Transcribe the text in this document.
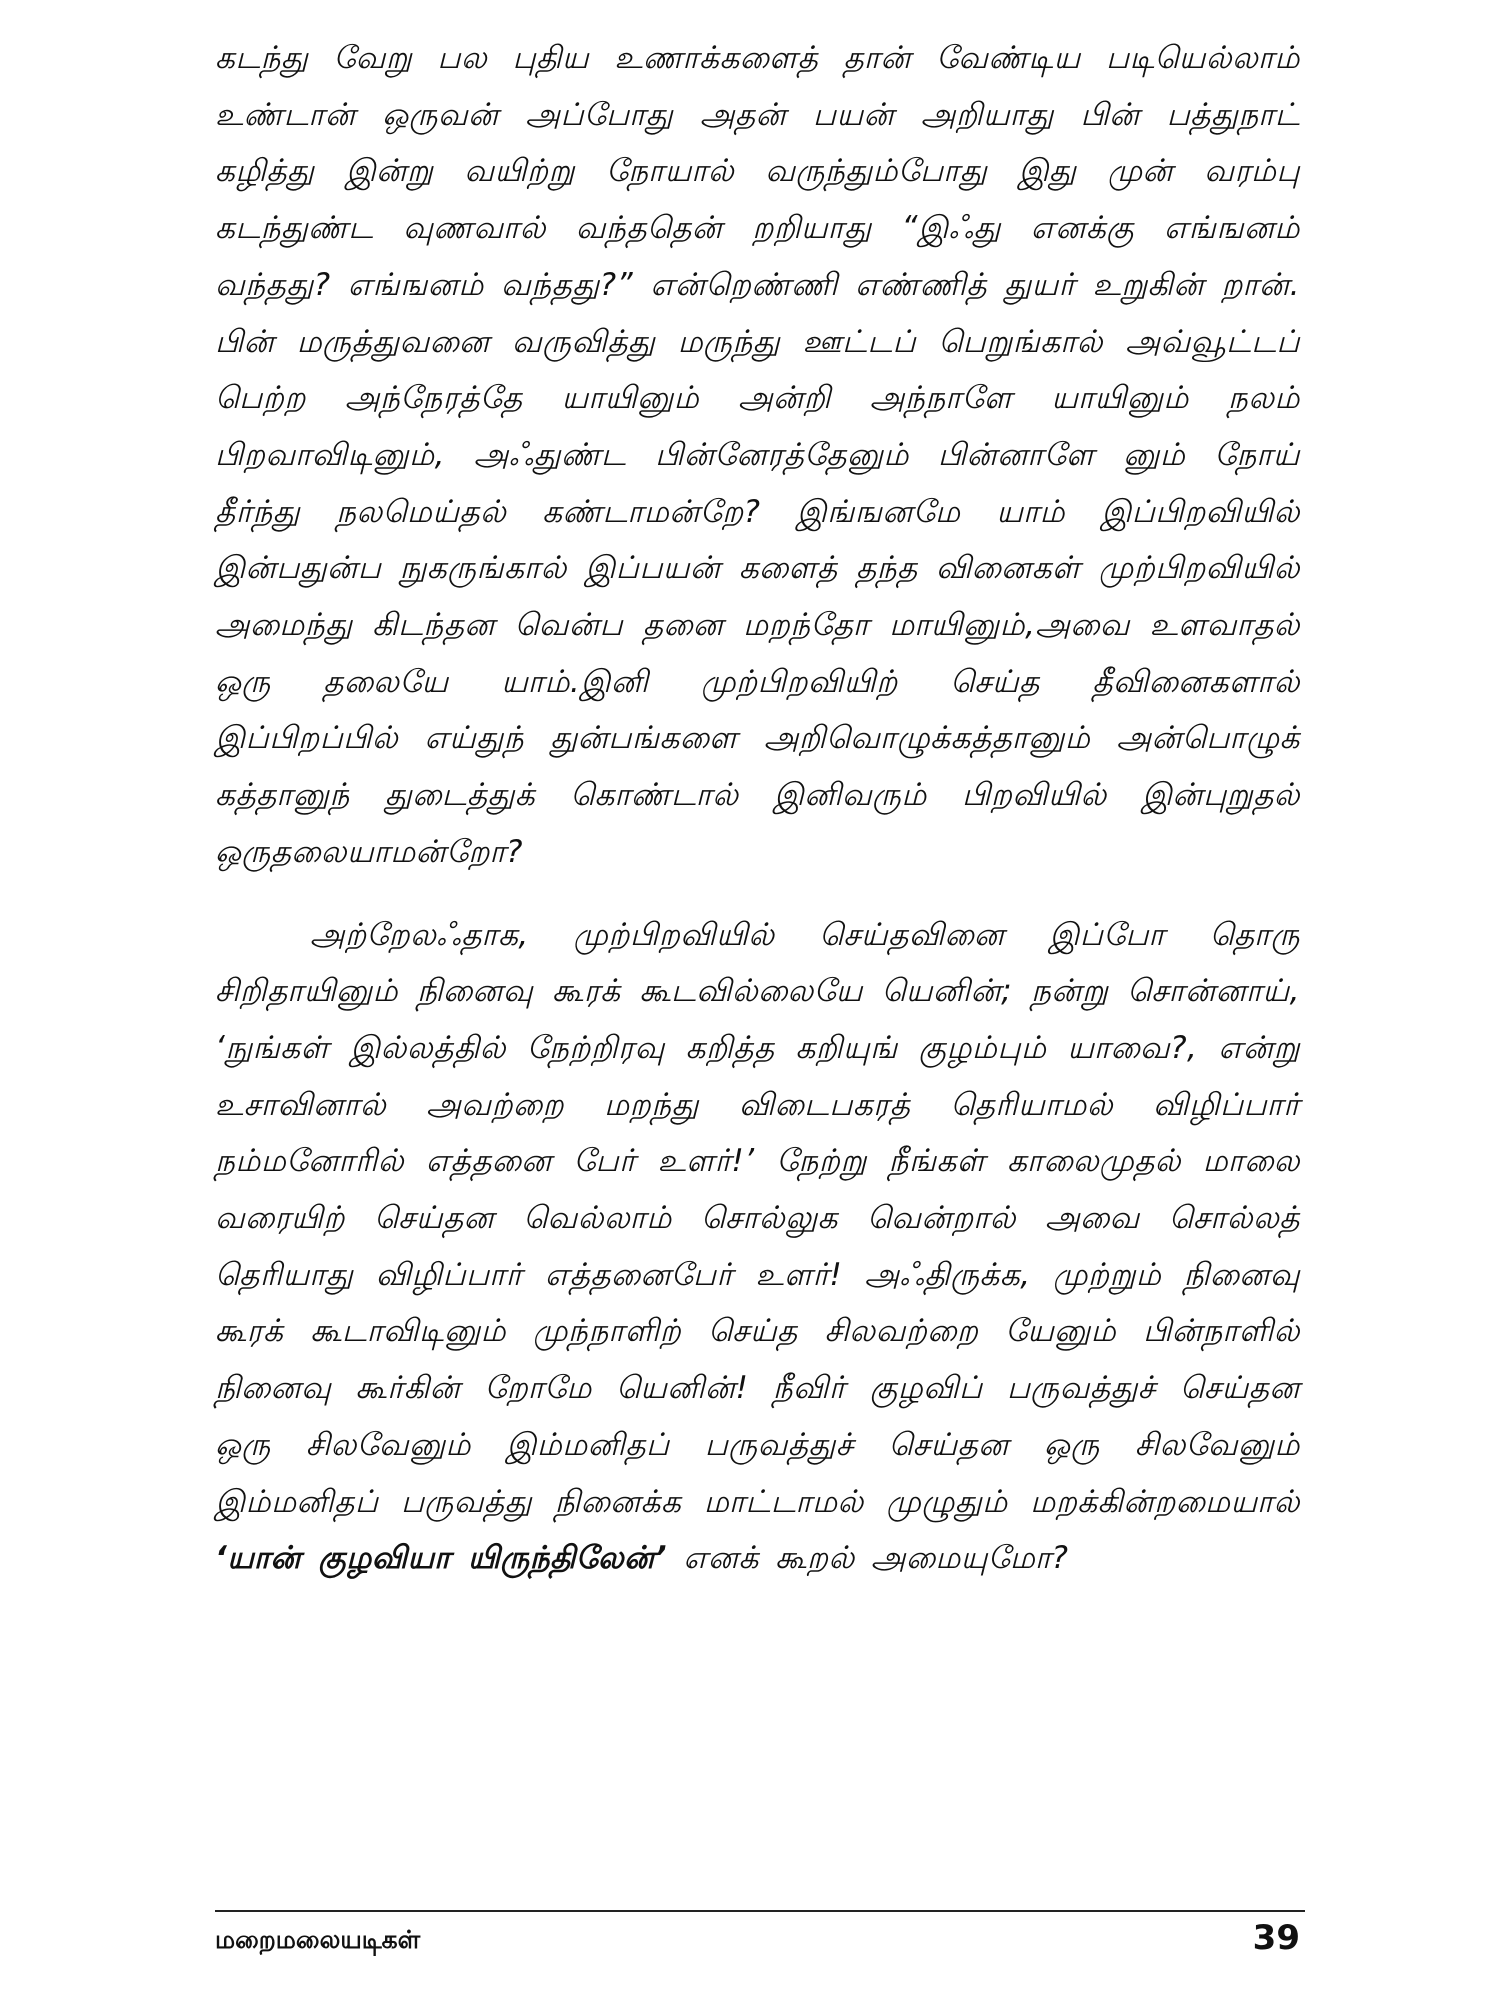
கடந்து வேறு பல புதிய உணாக்களைத் தான் வேண்டிய படியெல்லாம் உண்டான் ஒருவன் அப்போது அதன் பயன் அறியாது பின் பத்துநாட் கழித்து இன்று வயிற்று நோயால் வருந்தும்போது இது முன் வரம்பு கடந்துண்ட வுணவால் வந்ததென் றறியாது “இஃது எனக்கு எங்ஙனம் வந்தது? எங்ஙனம் வந்தது?” என்றெண்ணி எண்ணித் துயர் உறுகின் றான். பின் மருத்துவனை வருவித்து மருந்து ஊட்டப் பெறுங்கால் அவ்வூட்டப் பெற்ற அந்நேரத்தே யாயினும் அன்றி அந்நாளே யாயினும் நலம் பிறவாவிடினும், அஃதுண்ட பின்னேரத்தேனும் பின்னாளே னும் நோய் தீர்ந்து நலமெய்தல் கண்டாமன்றே? இங்ஙனமே யாம் இப்பிறவியில் இன்பதுன்ப நுகருங்கால் இப்பயன் களைத் தந்த வினைகள் முற்பிறவியில் அமைந்து கிடந்தன வென்ப தனை மறந்தோ மாயினும்,அவை உளவாதல் ஒரு தலையே யாம்.இனி முற்பிறவியிற் செய்த தீவினைகளால் இப்பிறப்பில் எய்துந் துன்பங்களை அறிவொழுக்கத்தானும் அன்பொழுக் கத்தானுந் துடைத்துக் கொண்டால் இனிவரும் பிறவியில் இன்புறுதல் ஒருதலையாமன்றோ?

அற்றேலஃதாக, முற்பிறவியில் செய்தவினை இப்போ தொரு சிறிதாயினும் நினைவு கூரக் கூடவில்லையே யெனின்; நன்று சொன்னாய், ‘நுங்கள் இல்லத்தில் நேற்றிரவு கறித்த கறியுங் குழம்பும் யாவை?, என்று உசாவினால் அவற்றை மறந்து விடைபகரத் தெரியாமல் விழிப்பார் நம்மனோரில் எத்தனை பேர் உளர்!’ நேற்று நீங்கள் காலைமுதல் மாலை வரையிற் செய்தன வெல்லாம் சொல்லுக வென்றால் அவை சொல்லத் தெரியாது விழிப்பார் எத்தனைபேர் உளர்! அஃதிருக்க, முற்றும் நினைவு கூரக் கூடாவிடினும் முந்நாளிற் செய்த சிலவற்றை யேனும் பின்நாளில் நினைவு கூர்கின் றோமே யெனின்! நீவிர் குழவிப் பருவத்துச் செய்தன ஒரு சிலவேனும் இம்மனிதப் பருவத்துச் செய்தன ஒரு சிலவேனும் இம்மனிதப் பருவத்து நினைக்க மாட்டாமல் முழுதும் மறக்கின்றமையால் ‘யான் குழவியா யிருந்திலேன்’ எனக் கூறல் அமையுமோ?

மறைமலையடிகள்	39
